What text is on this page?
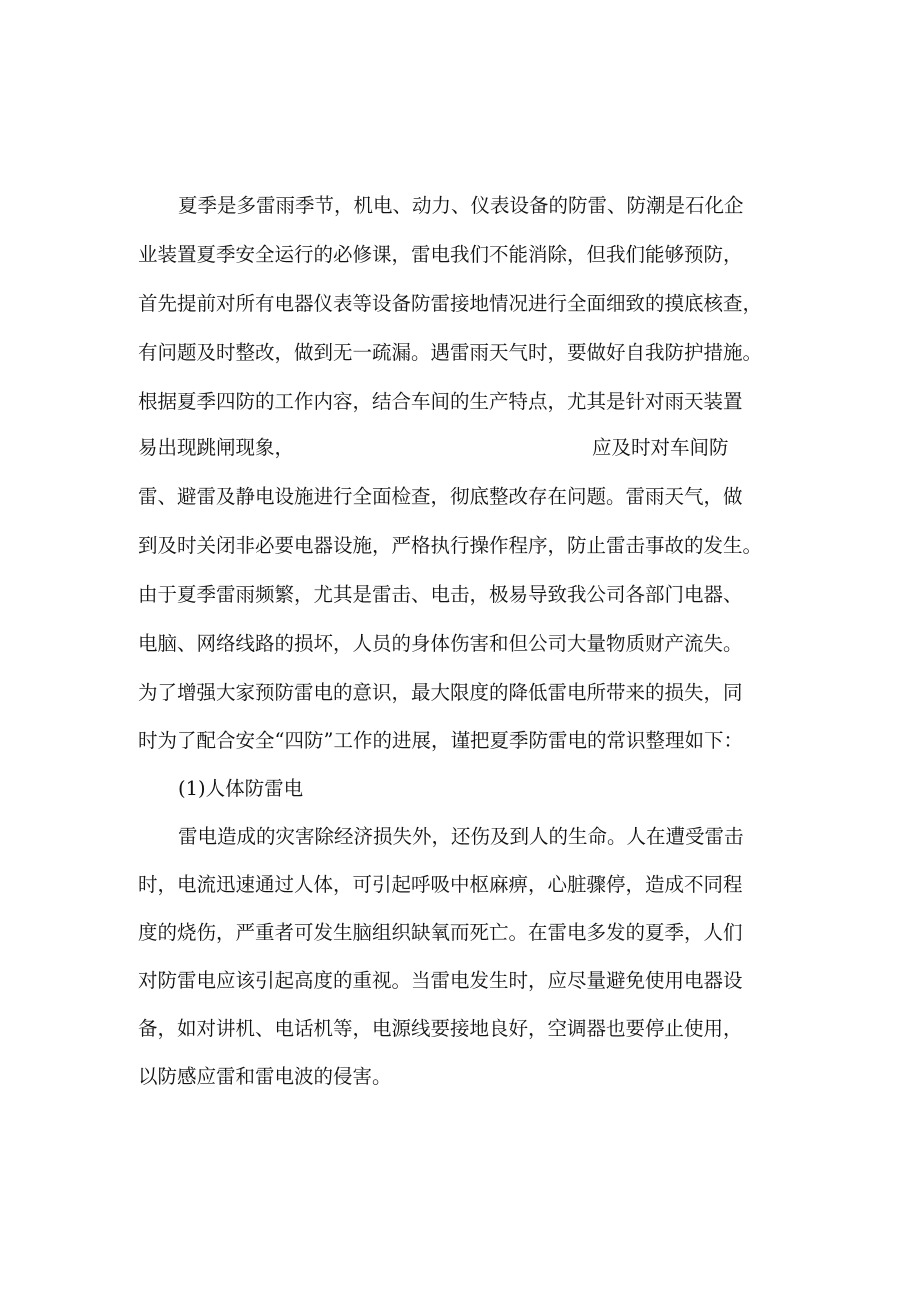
夏季是多雷雨季节，机电、动力、仪表设备的防雷、防潮是石化企
业装置夏季安全运行的必修课，雷电我们不能消除，但我们能够预防，
首先提前对所有电器仪表等设备防雷接地情况进行全面细致的摸底核查，
有问题及时整改，做到无一疏漏。遇雷雨天气时，要做好自我防护措施。
根据夏季四防的工作内容，结合车间的生产特点，尤其是针对雨天装置
易出现跳闸现象，	应及时对车间防
雷、避雷及静电设施进行全面检查，彻底整改存在问题。雷雨天气，做
到及时关闭非必要电器设施，严格执行操作程序，防止雷击事故的发生。
由于夏季雷雨频繁，尤其是雷击、电击，极易导致我公司各部门电器、
电脑、网络线路的损坏，人员的身体伤害和但公司大量物质财产流失。
为了增强大家预防雷电的意识，最大限度的降低雷电所带来的损失，同
时为了配合安全“四防”工作的进展，谨把夏季防雷电的常识整理如下：
(1)人体防雷电
雷电造成的灾害除经济损失外，还伤及到人的生命。人在遭受雷击
时，电流迅速通过人体，可引起呼吸中枢麻痹，心脏骤停，造成不同程
度的烧伤，严重者可发生脑组织缺氧而死亡。在雷电多发的夏季，人们
对防雷电应该引起高度的重视。当雷电发生时，应尽量避免使用电器设
备，如对讲机、电话机等，电源线要接地良好，空调器也要停止使用，
以防感应雷和雷电波的侵害。
